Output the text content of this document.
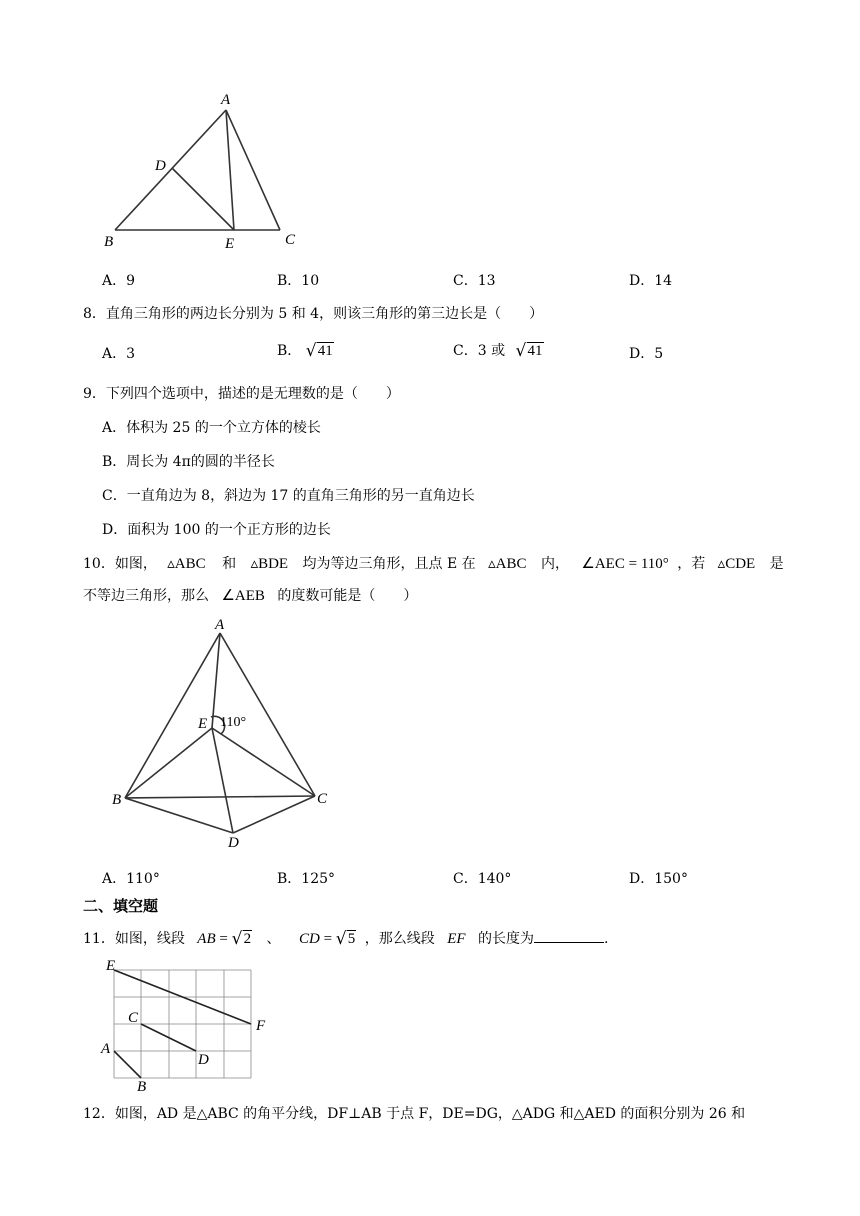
A
B	C
D
E
A．9	B．10	C．13	D．14
8．直角三角形的两边长分别为 5 和 4，则该三角形的第三边长是（　　）
A．3	B． √ 41	C．3 或 √ 41	D．5
9．下列四个选项中，描述的是无理数的是（　　）
A．体积为 25 的一个立方体的棱长
B．周长为 4π的圆的半径长
C．一直角边为 8，斜边为 17 的直角三角形的另一直角边长
D．面积为 100 的一个正方形的边长
10．如图， ▵ABC 和 ▵BDE 均为等边三角形，且点 E 在 ▵ABC 内， ∠AEC = 110° ，若 ▵CDE 是
不等边三角形，那么 ∠AEB 的度数可能是（　　）
A
B	C
D
E 110°
A．110°	B．125°	C．140°	D．150°
二、填空题
11．如图，线段 AB = √ 2 、 CD = √ 5 ，那么线段 EF 的长度为	.
E
F
C
D
A
B
12．如图，AD 是△ABC 的角平分线，DF⊥AB 于点 F，DE=DG，△ADG 和△AED 的面积分别为 26 和
